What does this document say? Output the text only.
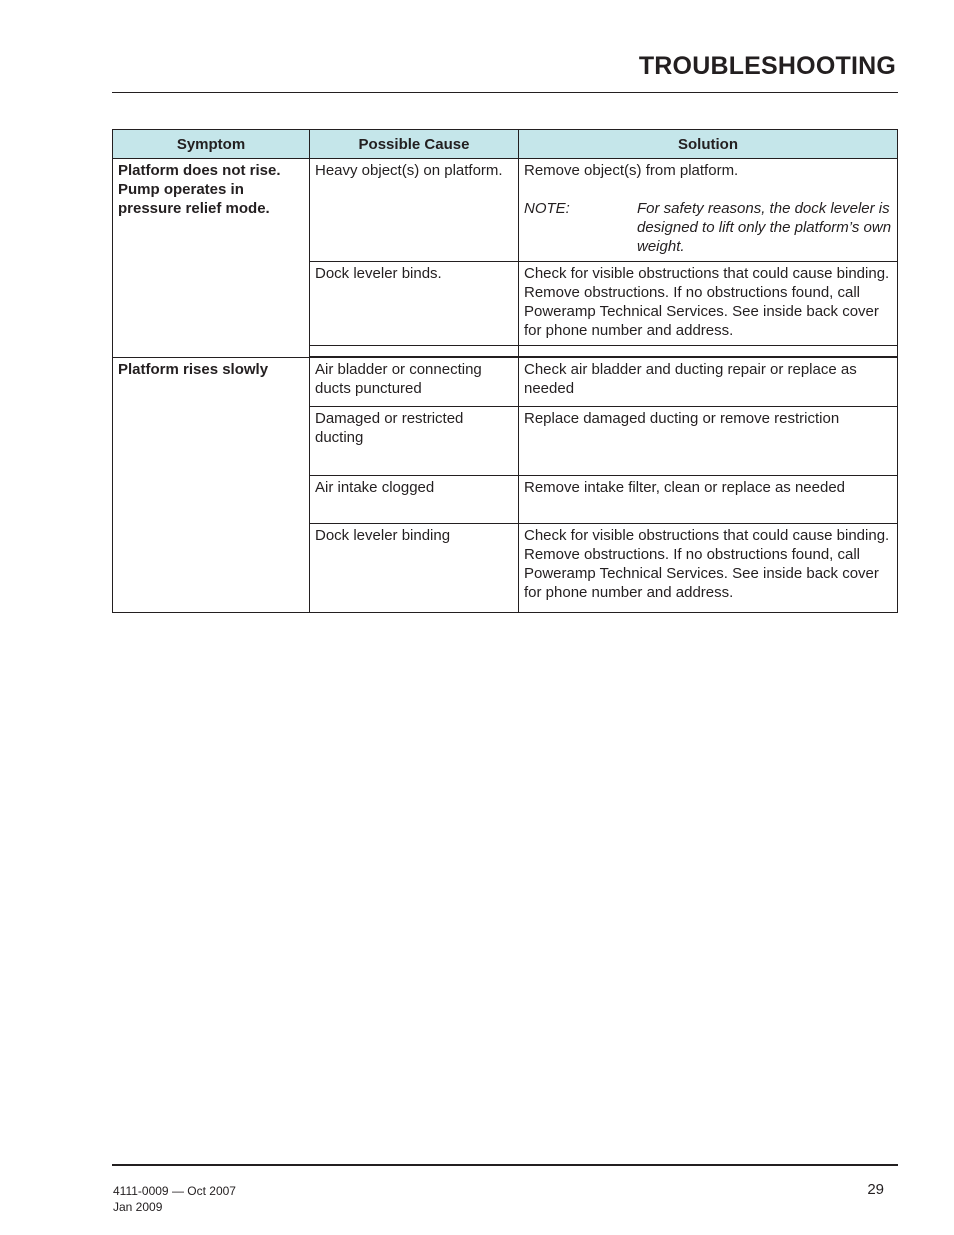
TROUBLESHOOTING
Symptom	Possible Cause	Solution
Platform does not rise. Pump operates in pressure relief mode.	Heavy object(s) on platform.	Remove object(s) from platform.
NOTE: For safety reasons, the dock leveler is designed to lift only the platform’s own weight.

	Dock leveler binds.	Check for visible obstructions that could cause binding. Remove obstructions. If no obstructions found, call Poweramp Technical Services. See inside back cover for phone number and address.

Platform rises slowly	Air bladder or connecting ducts punctured	Check air bladder and ducting repair or replace as needed
	Damaged or restricted ducting	Replace damaged ducting or remove restriction
	Air intake clogged	Remove intake filter, clean or replace as needed
	Dock leveler binding	Check for visible obstructions that could cause binding. Remove obstructions. If no obstructions found, call Poweramp Technical Services. See inside back cover for phone number and address.
4111-0009 — Oct 2007
Jan 2009
29
